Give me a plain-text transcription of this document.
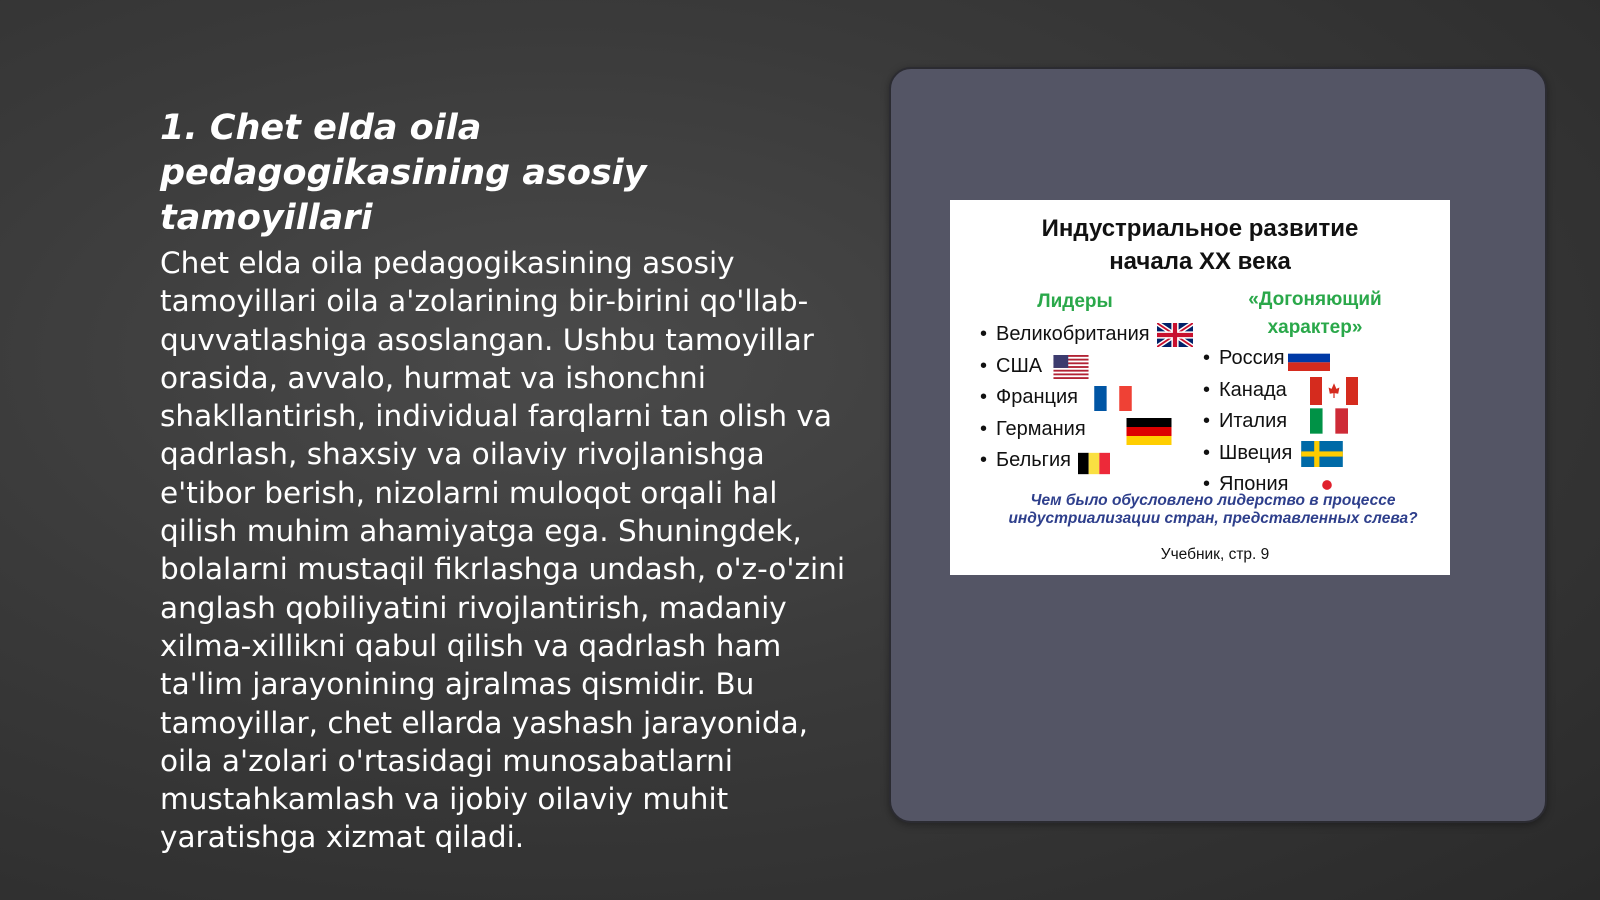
1. Chet elda oila pedagogikasining asosiy tamoyillari

Chet elda oila pedagogikasining asosiy tamoyillari oila a'zolarining bir-birini qo'llab-quvvatlashiga asoslangan. Ushbu tamoyillar orasida, avvalo, hurmat va ishonchni shakllantirish, individual farqlarni tan olish va qadrlash, shaxsiy va oilaviy rivojlanishga e'tibor berish, nizolarni muloqot orqali hal qilish muhim ahamiyatga ega. Shuningdek, bolalarni mustaqil fikrlashga undash, o'z-o'zini anglash qobiliyatini rivojlantirish, madaniy xilma-xillikni qabul qilish va qadrlash ham ta'lim jarayonining ajralmas qismidir. Bu tamoyillar, chet ellarda yashash jarayonida, oila a'zolari o'rtasidagi munosabatlarni mustahkamlash va ijobiy oilaviy muhit yaratishga xizmat qiladi.

Индустриальное развитие
начала XX века
Лидеры	«Догоняющий
характер»
• Великобритания
• США
• Франция
• Германия
• Бельгия
• Россия
• Канада
• Италия
• Швеция
• Япония
Чем было обусловлено лидерство в процессе индустриализации стран, представленных слева?
Учебник, стр. 9
